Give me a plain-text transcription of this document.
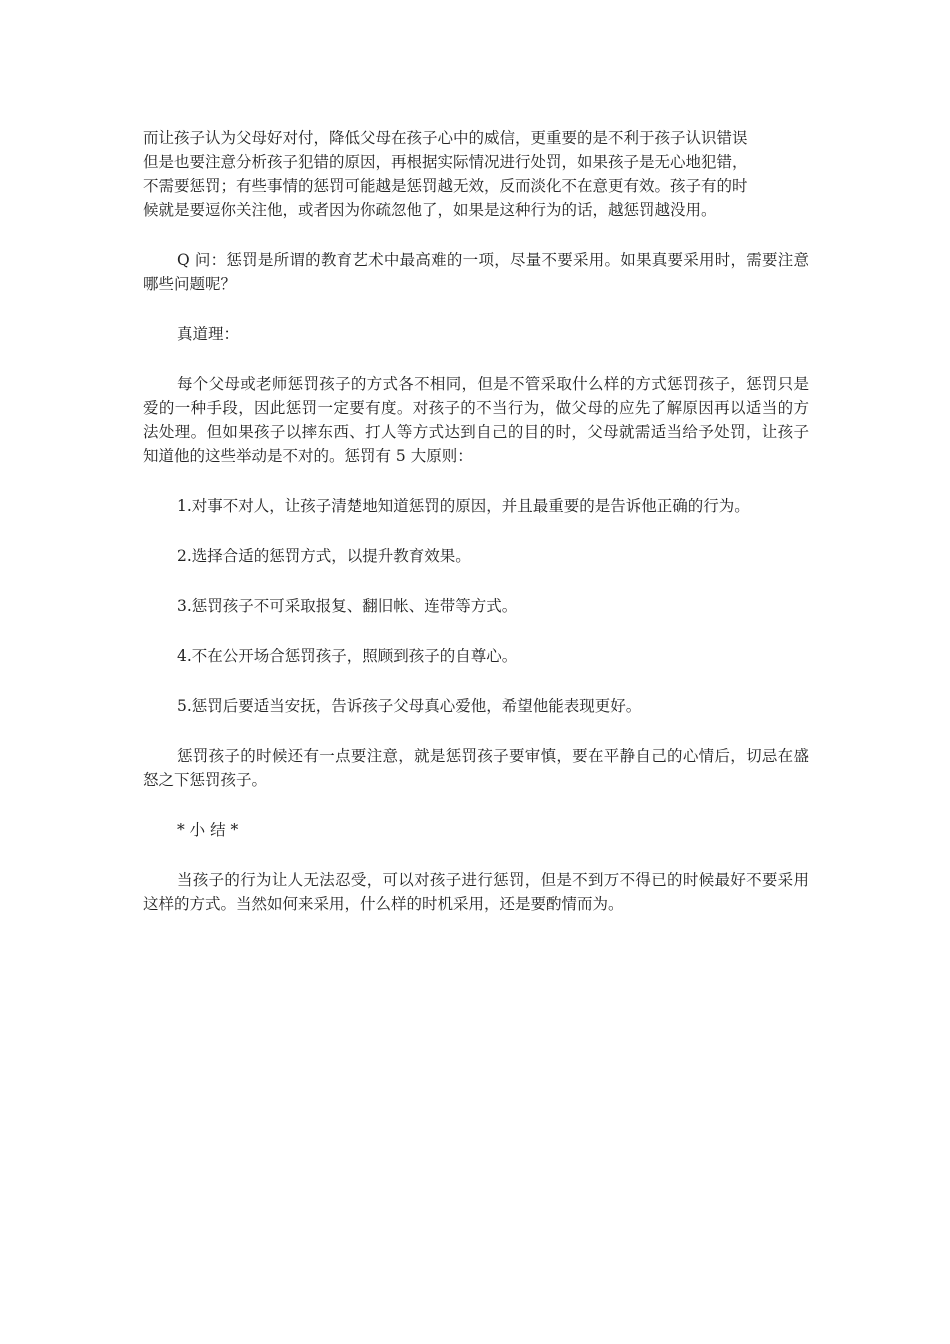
而让孩子认为父母好对付，降低父母在孩子心中的威信，更重要的是不利于孩子认识错误
但是也要注意分析孩子犯错的原因，再根据实际情况进行处罚，如果孩子是无心地犯错，
不需要惩罚；有些事情的惩罚可能越是惩罚越无效，反而淡化不在意更有效。孩子有的时
候就是要逗你关注他，或者因为你疏忽他了，如果是这种行为的话，越惩罚越没用。

Q 问：惩罚是所谓的教育艺术中最高难的一项，尽量不要采用。如果真要采用时，需要注意哪些问题呢？

真道理：

每个父母或老师惩罚孩子的方式各不相同，但是不管采取什么样的方式惩罚孩子，惩罚只是爱的一种手段，因此惩罚一定要有度。对孩子的不当行为，做父母的应先了解原因再以适当的方法处理。但如果孩子以摔东西、打人等方式达到自己的目的时，父母就需适当给予处罚，让孩子知道他的这些举动是不对的。惩罚有 5 大原则：

1.对事不对人，让孩子清楚地知道惩罚的原因，并且最重要的是告诉他正确的行为。

2.选择合适的惩罚方式，以提升教育效果。

3.惩罚孩子不可采取报复、翻旧帐、连带等方式。

4.不在公开场合惩罚孩子，照顾到孩子的自尊心。

5.惩罚后要适当安抚，告诉孩子父母真心爱他，希望他能表现更好。

惩罚孩子的时候还有一点要注意，就是惩罚孩子要审慎，要在平静自己的心情后，切忌在盛怒之下惩罚孩子。

* 小 结 *

当孩子的行为让人无法忍受，可以对孩子进行惩罚，但是不到万不得已的时候最好不要采用这样的方式。当然如何来采用，什么样的时机采用，还是要酌情而为。
